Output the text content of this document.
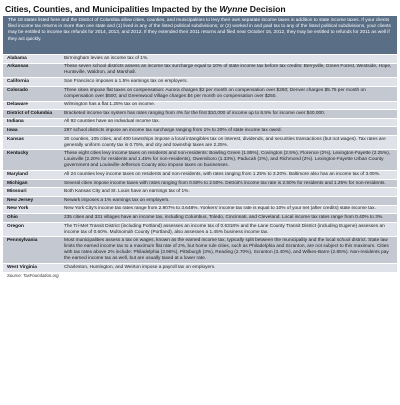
Cities, Counties, and Municipalities Impacted by the Wynne Decision
The 18 states listed here and the District of Columbia allow cities, counties, and municipalities to levy their own separate income taxes in addition to state income taxes. If your clients filed income tax returns in more than one state and (1) lived in any of the listed political subdivisions; or (2) worked in and paid tax to any of the listed political subdivisions, your clients may be entitled to income tax refunds for 2014, 2013, and 2012. If they extended their 2011 returns and filed near October 15, 2012, they may be entitled to refunds for 2011 as well if they act quickly.
Alabama	Birmingham levies an income tax of 1%.
Arkansas	These seven school districts assess an income tax surcharge equal to 10% of state income tax before tax credits: Berryville, Green Forest, Westside, Hope, Huntsville, Waldron, and Marshall.
California	San Francisco imposes a 1.5% earnings tax on employers.
Colorado	Three cities impose flat taxes on compensation: Aurora charges $2 per month on compensation over $250; Denver charges $5.75 per month on compensation over $500; and Greenwood Village charges $4 per month on compensation over $250.
Delaware	Wilmington has a flat 1.25% tax on income.
District of Columbia	Bracketed income tax system has rates ranging from 4% for the first $10,000 of income up to 8.5% for income over $40,000.
Indiana	All 92 counties have an individual income tax.
Iowa	297 school districts impose an income tax surcharge ranging from 1% to 20% of state income tax owed.
Kansas	30 counties, 105 cities, and 400 townships impose a local intangibles tax on interest, dividends, and securities transactions (but not wages). Tax rates are generally uniform county tax is 0.75%, and city and township taxes are 2.25%.
Kentucky	These eight cities levy income taxes on residents and non-residents: Bowling Green (1.85%), Covington (2.5%), Florence (2%), Lexington-Fayette (2.25%), Louisville (2.20% for residents and 1.45% for non-residents), Owensboro (1.33%), Paducah (2%), and Richmond (2%). Lexington-Fayette Urban County government and Louisville-Jefferson County also impose taxes on businesses.
Maryland	All 24 counties levy income taxes on residents and non-residents, with rates ranging from 1.25% to 3.20%. Baltimore also has an income tax of 3.05%.
Michigan	Several cities impose income taxes with rates ranging from 0.50% to 2.50%. Detroit's income tax rate is 2.50% for residents and 1.25% for non-residents.
Missouri	Both Kansas City and St. Louis have an earnings tax of 1%.
New Jersey	Newark imposes a 1% earnings tax on employers.
New York	New York City's income tax rates range from 2.907% to 3.648%. Yonkers' income tax rate is equal to 10% of your net (after credits) state income tax.
Ohio	235 cities and 331 villages have an income tax, including Columbus, Toledo, Cincinnati, and Cleveland. Local income tax rates range from 0.40% to 3%.
Oregon	The Tri-Met Transit District (including Portland) assesses an income tax of 0.6318% and the Lane County Transit District (including Eugene) assesses an income tax of 0.60%. Multnomah County (Portland), also assesses a 1.45% business income tax.
Pennsylvania	Most municipalities assess a tax on wages, known as the earned income tax, typically split between the municipality and the local school district. State law limits the earned income tax to a maximum flat rate of 2%, but home rule cities, such as Philadelphia and Scranton, are not subject to this maximum. Cities with tax rates above 2% include: Philadelphia (3.98%), Pittsburgh (3%), Reading (2.70%), Scranton (3.40%), and Wilkes-Barre (2.85%). Non-residents pay the earned income tax as well, but are usually taxed at a lower rate.
West Virginia	Charleston, Huntington, and Weirton impose a payroll tax on employers.
Source: TaxFoundation.org
